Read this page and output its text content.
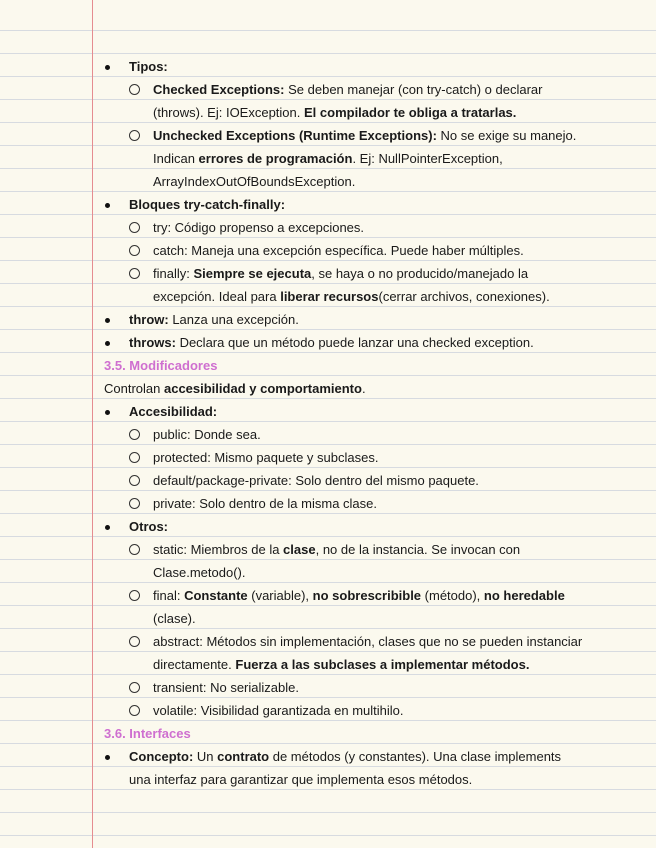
Tipos:
Checked Exceptions: Se deben manejar (con try-catch) o declarar
(throws). Ej: IOException. El compilador te obliga a tratarlas.
Unchecked Exceptions (Runtime Exceptions): No se exige su manejo.
Indican errores de programación. Ej: NullPointerException,
ArrayIndexOutOfBoundsException.
Bloques try-catch-finally:
try: Código propenso a excepciones.
catch: Maneja una excepción específica. Puede haber múltiples.
finally: Siempre se ejecuta, se haya o no producido/manejado la
excepción. Ideal para liberar recursos(cerrar archivos, conexiones).
throw: Lanza una excepción.
throws: Declara que un método puede lanzar una checked exception.
3.5. Modificadores
Controlan accesibilidad y comportamiento.
Accesibilidad:
public: Donde sea.
protected: Mismo paquete y subclases.
default/package-private: Solo dentro del mismo paquete.
private: Solo dentro de la misma clase.
Otros:
static: Miembros de la clase, no de la instancia. Se invocan con
Clase.metodo().
final: Constante (variable), no sobrescribible (método), no heredable
(clase).
abstract: Métodos sin implementación, clases que no se pueden instanciar
directamente. Fuerza a las subclases a implementar métodos.
transient: No serializable.
volatile: Visibilidad garantizada en multihilo.
3.6. Interfaces
Concepto: Un contrato de métodos (y constantes). Una clase implements
una interfaz para garantizar que implementa esos métodos.
